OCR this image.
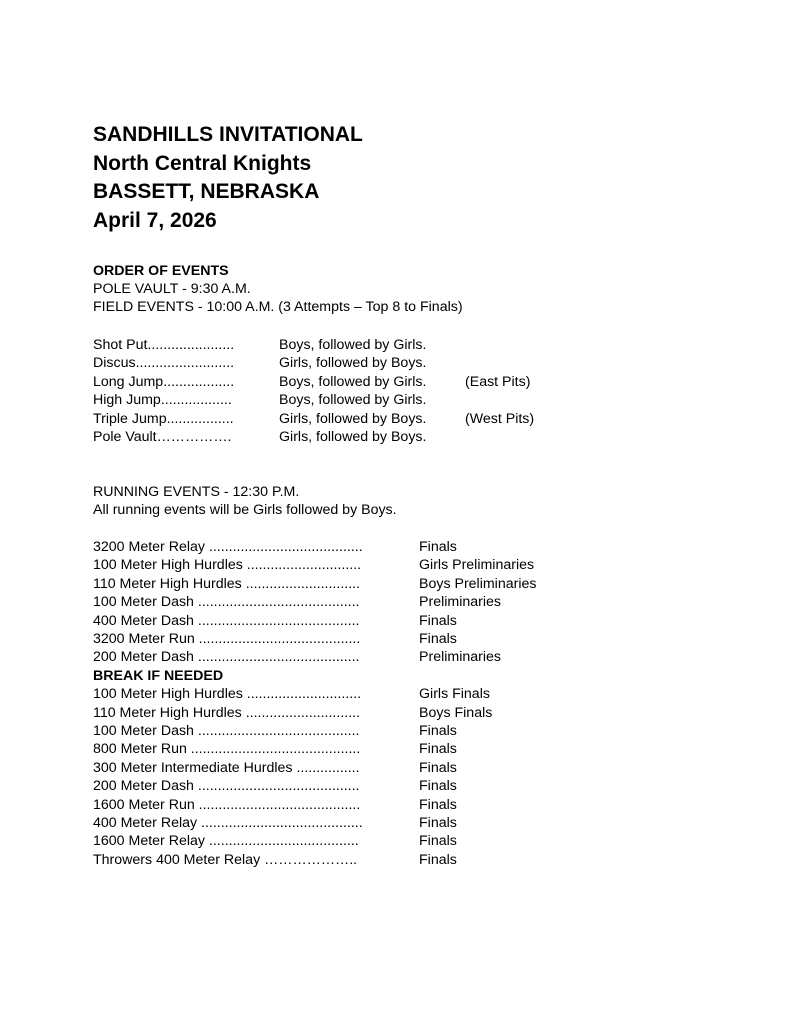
SANDHILLS INVITATIONAL
North Central Knights
BASSETT, NEBRASKA
April 7, 2026
ORDER OF EVENTS
POLE VAULT - 9:30 A.M.
FIELD EVENTS - 10:00 A.M. (3 Attempts – Top 8 to Finals)
Shot Put......................	Boys, followed by Girls.
Discus.........................	Girls, followed by Boys.
Long Jump..................	Boys, followed by Girls.	(East Pits)
High Jump..................	Boys, followed by Girls.
Triple Jump.................	Girls, followed by Boys.	(West Pits)
Pole Vault…………….	Girls, followed by Boys.
RUNNING EVENTS - 12:30 P.M.
All running events will be Girls followed by Boys.
3200 Meter Relay .......................................	Finals
100 Meter High Hurdles .............................	Girls Preliminaries
110 Meter High Hurdles .............................	Boys Preliminaries
100 Meter Dash .........................................	Preliminaries
400 Meter Dash .........................................	Finals
3200 Meter Run .........................................	Finals
200 Meter Dash .........................................	Preliminaries
BREAK IF NEEDED
100 Meter High Hurdles .............................	Girls Finals
110 Meter High Hurdles .............................	Boys Finals
100 Meter Dash .........................................	Finals
800 Meter Run ...........................................	Finals
300 Meter Intermediate Hurdles ................	Finals
200 Meter Dash .........................................	Finals
1600 Meter Run .........................................	Finals
400 Meter Relay .........................................	Finals
1600 Meter Relay ......................................	Finals
Throwers 400 Meter Relay ………………..	Finals
